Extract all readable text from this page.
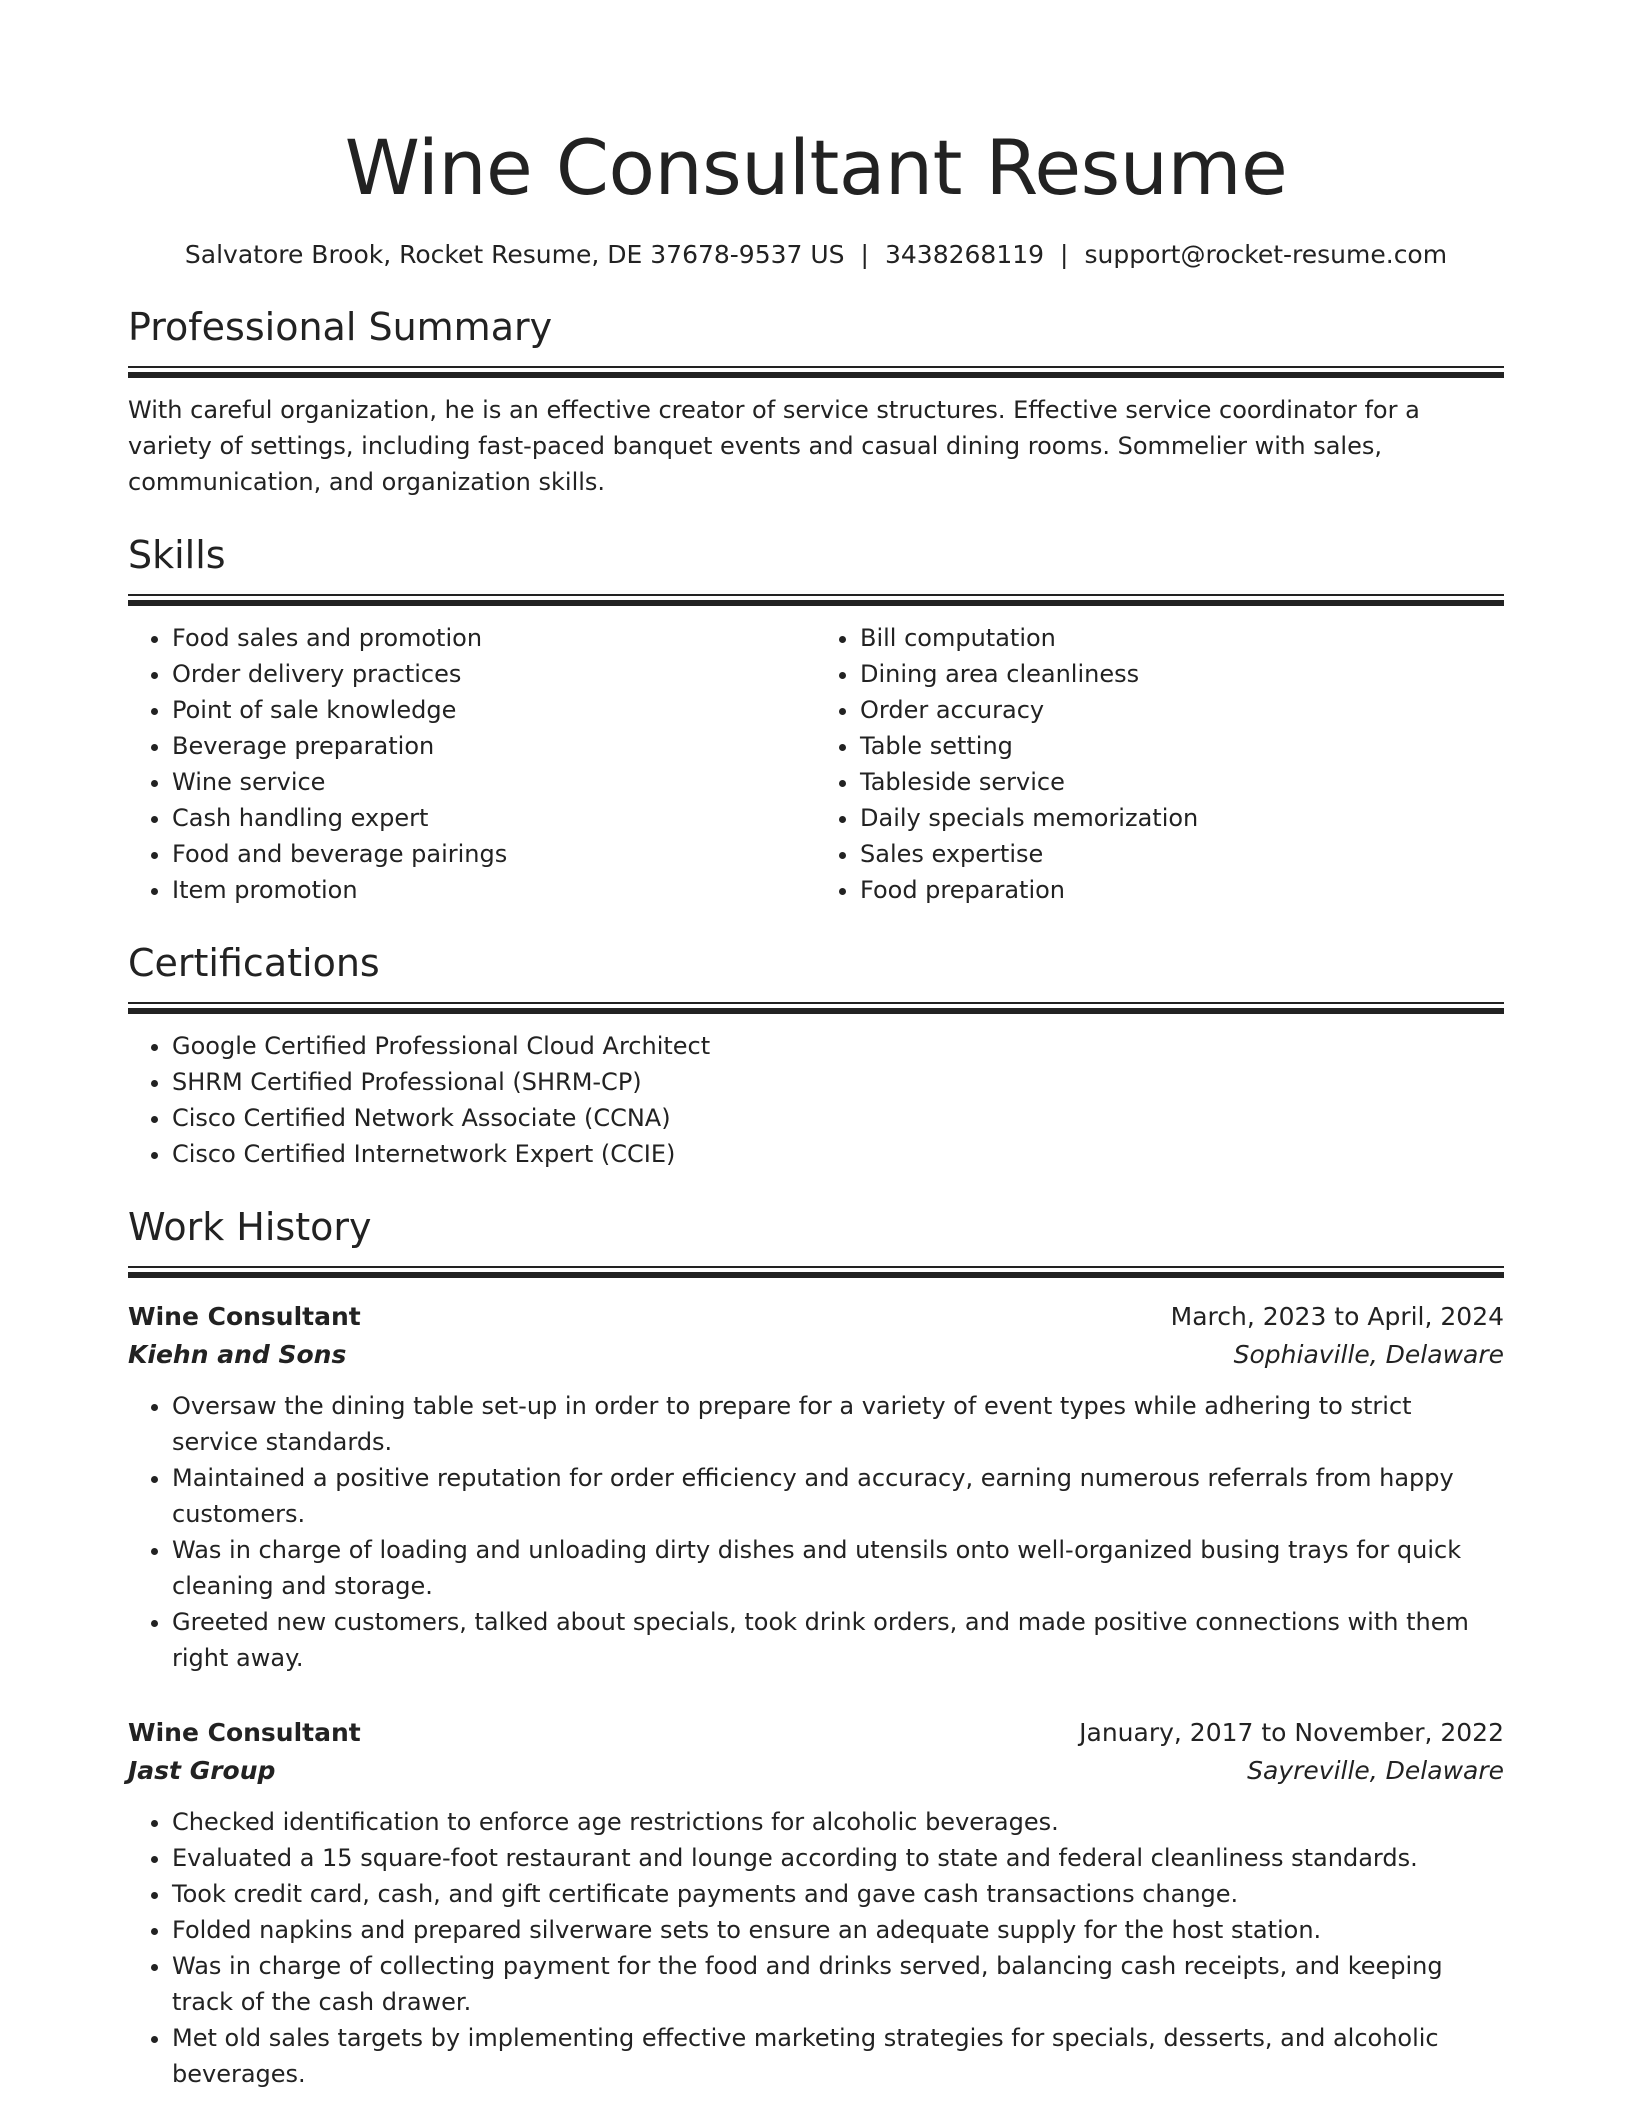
Wine Consultant Resume
Salvatore Brook, Rocket Resume, DE 37678-9537 US | 3438268119 | support@rocket-resume.com
Professional Summary
With careful organization, he is an effective creator of service structures. Effective service coordinator for a variety of settings, including fast-paced banquet events and casual dining rooms. Sommelier with sales, communication, and organization skills.
Skills
• Food sales and promotion
• Order delivery practices
• Point of sale knowledge
• Beverage preparation
• Wine service
• Cash handling expert
• Food and beverage pairings
• Item promotion
• Bill computation
• Dining area cleanliness
• Order accuracy
• Table setting
• Tableside service
• Daily specials memorization
• Sales expertise
• Food preparation
Certifications
• Google Certified Professional Cloud Architect
• SHRM Certified Professional (SHRM-CP)
• Cisco Certified Network Associate (CCNA)
• Cisco Certified Internetwork Expert (CCIE)
Work History
Wine Consultant	March, 2023 to April, 2024
Kiehn and Sons	Sophiaville, Delaware
• Oversaw the dining table set-up in order to prepare for a variety of event types while adhering to strict service standards.
• Maintained a positive reputation for order efficiency and accuracy, earning numerous referrals from happy customers.
• Was in charge of loading and unloading dirty dishes and utensils onto well-organized busing trays for quick cleaning and storage.
• Greeted new customers, talked about specials, took drink orders, and made positive connections with them right away.
Wine Consultant	January, 2017 to November, 2022
Jast Group	Sayreville, Delaware
• Checked identification to enforce age restrictions for alcoholic beverages.
• Evaluated a 15 square-foot restaurant and lounge according to state and federal cleanliness standards.
• Took credit card, cash, and gift certificate payments and gave cash transactions change.
• Folded napkins and prepared silverware sets to ensure an adequate supply for the host station.
• Was in charge of collecting payment for the food and drinks served, balancing cash receipts, and keeping track of the cash drawer.
• Met old sales targets by implementing effective marketing strategies for specials, desserts, and alcoholic beverages.
